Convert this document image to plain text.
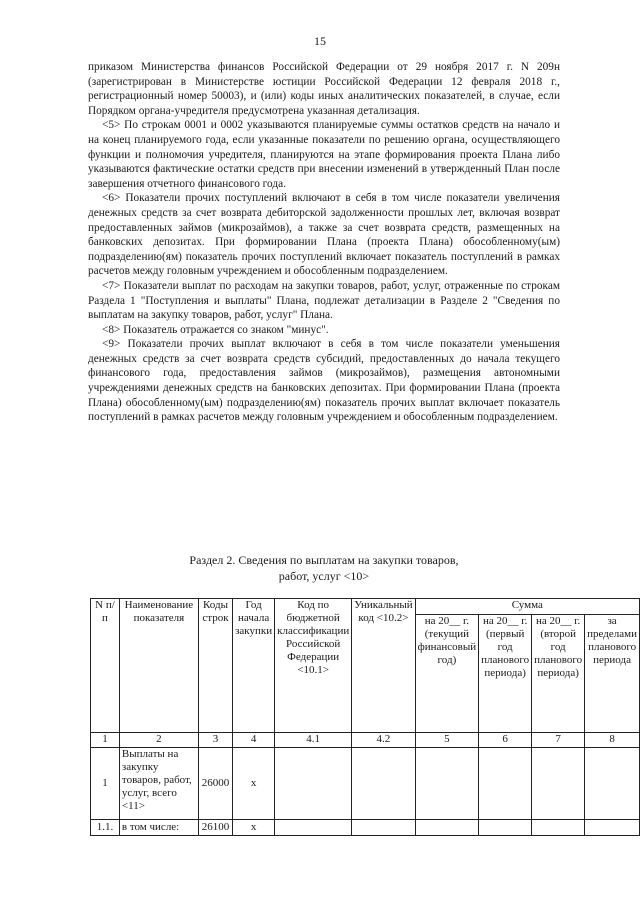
15

приказом Министерства финансов Российской Федерации от 29 ноября 2017 г. N 209н (зарегистрирован в Министерстве юстиции Российской Федерации 12 февраля 2018 г., регистрационный номер 50003), и (или) коды иных аналитических показателей, в случае, если Порядком органа-учредителя предусмотрена указанная детализация.

<5> По строкам 0001 и 0002 указываются планируемые суммы остатков средств на начало и на конец планируемого года, если указанные показатели по решению органа, осуществляющего функции и полномочия учредителя, планируются на этапе формирования проекта Плана либо указываются фактические остатки средств при внесении изменений в утвержденный План после завершения отчетного финансового года.

<6> Показатели прочих поступлений включают в себя в том числе показатели увеличения денежных средств за счет возврата дебиторской задолженности прошлых лет, включая возврат предоставленных займов (микрозаймов), а также за счет возврата средств, размещенных на банковских депозитах. При формировании Плана (проекта Плана) обособленному(ым) подразделению(ям) показатель прочих поступлений включает показатель поступлений в рамках расчетов между головным учреждением и обособленным подразделением.

<7> Показатели выплат по расходам на закупки товаров, работ, услуг, отраженные по строкам Раздела 1 "Поступления и выплаты" Плана, подлежат детализации в Разделе 2 "Сведения по выплатам на закупку товаров, работ, услуг" Плана.

<8> Показатель отражается со знаком "минус".

<9> Показатели прочих выплат включают в себя в том числе показатели уменьшения денежных средств за счет возврата средств субсидий, предоставленных до начала текущего финансового года, предоставления займов (микрозаймов), размещения автономными учреждениями денежных средств на банковских депозитах. При формировании Плана (проекта Плана) обособленному(ым) подразделению(ям) показатель прочих выплат включает показатель поступлений в рамках расчетов между головным учреждением и обособленным подразделением.

Раздел 2. Сведения по выплатам на закупки товаров,
работ, услуг <10>
N п/п	Наименование показателя	Коды строк	Год начала закупки	Код по бюджетной классификации Российской Федерации <10.1>	Уникальный код <10.2>	Сумма			
						на 20__ г. (текущий финансовый год)	на 20__ г. (первый год планового периода)	на 20__ г. (второй год планового периода)	за пределами планового периода
1	2	3	4	4.1	4.2	5	6	7	8
1	Выплаты на закупку товаров, работ, услуг, всего <11>	26000	x						
1.1.	в том числе:	26100	x						
